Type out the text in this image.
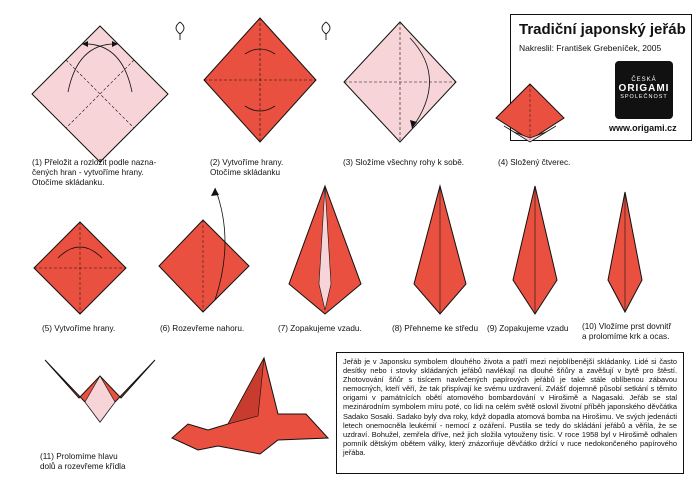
Tradiční japonský jeřáb
Nakreslil: František Grebeníček, 2005
ČESKÁ
ORIGAMI
SPOLEČNOST
www.origami.cz
(1) Přeložit a rozložit podle nazna-
čených hran - vytvoříme hrany.
Otočíme skládanku.
(2) Vytvoříme hrany.
Otočíme skládanku
(3) Složíme všechny rohy k sobě.	(4) Složený čtverec.
(5) Vytvoříme hrany.	(6) Rozevřeme nahoru.	(7) Zopakujeme vzadu.	(8) Přehneme ke středu (9) Zopakujeme vzadu (10) Vložíme prst dovnitř
a prolomíme krk a ocas.
(11) Prolomíme hlavu
dolů a rozevřeme křídla

Jeřáb je v Japonsku symbolem dlouhého života a patří mezi nejoblíbenější skládanky. Lidé si často desítky nebo i stovky skládaných jeřábů navlékají na dlouhé šňůry a zavěšují v bytě pro štěstí. Zhotovování šňůr s tisícem navlečených papírových jeřábů je také stále oblíbenou zábavou nemocných, kteří věří, že tak přispívají ke svému uzdravení. Zvlášť dojemně působí setkání s těmito origami v památnících obětí atomového bombardování v Hirošimě a Nagasaki. Jeřáb se stal mezinárodním symbolem míru poté, co lidi na celém světě oslovil životní příběh japonského děvčátka Sadako Sosaki. Sadako byly dva roky, když dopadla atomová bomba na Hirošimu. Ve svých jedenácti letech onemocněla leukémií - nemocí z ozáření. Pustila se tedy do skládání jeřábů a věřila, že se uzdraví. Bohužel, zemřela dříve, než jich složila vytouženy tisíc. V roce 1958 byl v Hirošimě odhalen pomník dětským obětem války, který znázorňuje děvčátko držící v ruce nedokončeného papírového jeřába.
